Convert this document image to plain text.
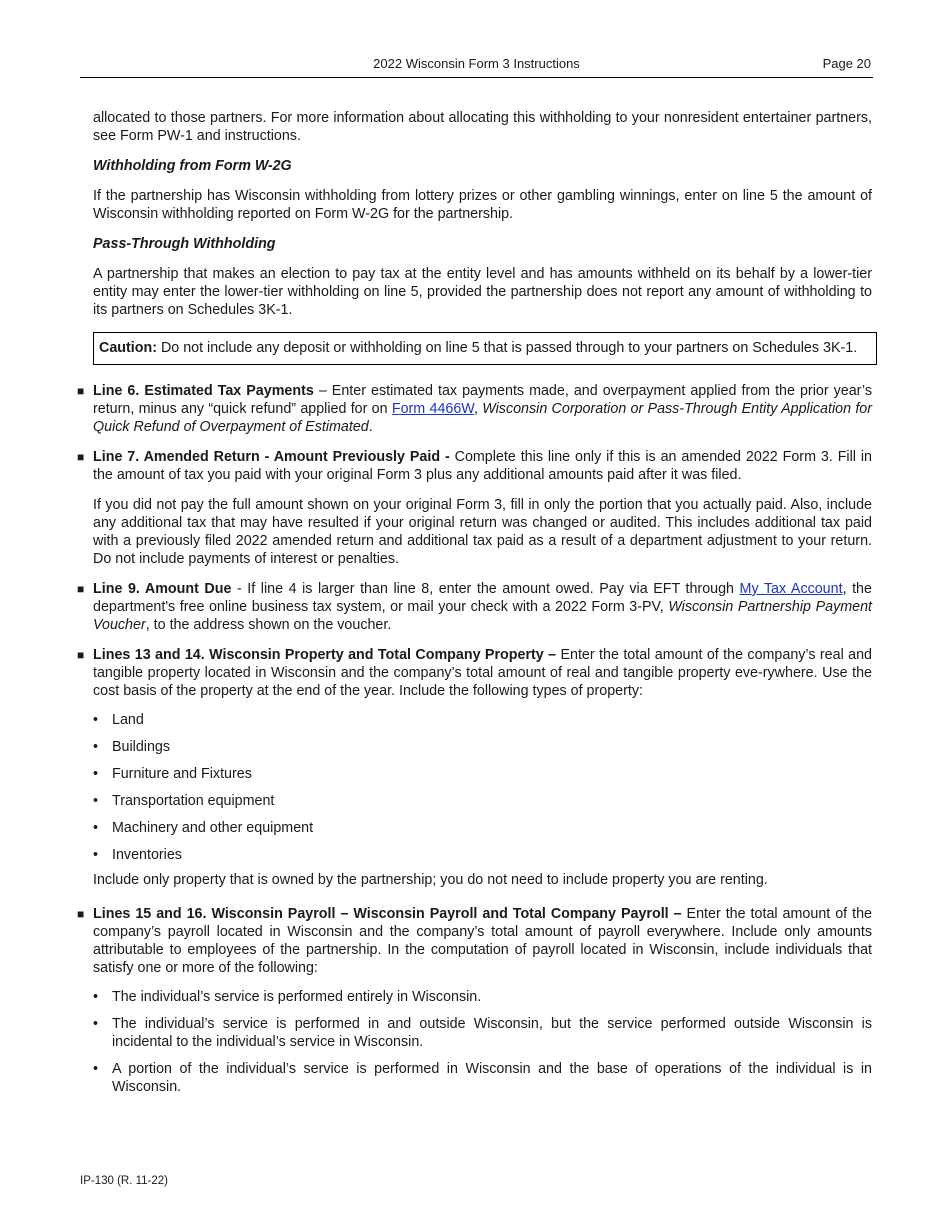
2022 Wisconsin Form 3 Instructions	Page 20

allocated to those partners. For more information about allocating this withholding to your nonresident entertainer partners, see Form PW-1 and instructions.

Withholding from Form W-2G

If the partnership has Wisconsin withholding from lottery prizes or other gambling winnings, enter on line 5 the amount of Wisconsin withholding reported on Form W-2G for the partnership.

Pass-Through Withholding

A partnership that makes an election to pay tax at the entity level and has amounts withheld on its behalf by a lower-tier entity may enter the lower-tier withholding on line 5, provided the partnership does not report any amount of withholding to its partners on Schedules 3K-1.

Caution: Do not include any deposit or withholding on line 5 that is passed through to your partners on Schedules 3K-1.

■ Line 6. Estimated Tax Payments – Enter estimated tax payments made, and overpayment applied from the prior year’s return, minus any “quick refund” applied for on Form 4466W, Wisconsin Corporation or Pass-Through Entity Application for Quick Refund of Overpayment of Estimated.

■ Line 7. Amended Return - Amount Previously Paid - Complete this line only if this is an amended 2022 Form 3. Fill in the amount of tax you paid with your original Form 3 plus any additional amounts paid after it was filed.

If you did not pay the full amount shown on your original Form 3, fill in only the portion that you actually paid. Also, include any additional tax that may have resulted if your original return was changed or audited. This includes additional tax paid with a previously filed 2022 amended return and additional tax paid as a result of a department adjustment to your return. Do not include payments of interest or penalties.

■ Line 9. Amount Due - If line 4 is larger than line 8, enter the amount owed. Pay via EFT through My Tax Account, the department's free online business tax system, or mail your check with a 2022 Form 3-PV, Wisconsin Partnership Payment Voucher, to the address shown on the voucher.

■ Lines 13 and 14. Wisconsin Property and Total Company Property – Enter the total amount of the company’s real and tangible property located in Wisconsin and the company’s total amount of real and tangible property eve-rywhere. Use the cost basis of the property at the end of the year. Include the following types of property:

• Land
• Buildings
• Furniture and Fixtures
• Transportation equipment
• Machinery and other equipment
• Inventories

Include only property that is owned by the partnership; you do not need to include property you are renting.

■ Lines 15 and 16. Wisconsin Payroll – Wisconsin Payroll and Total Company Payroll – Enter the total amount of the company’s payroll located in Wisconsin and the company’s total amount of payroll everywhere. Include only amounts attributable to employees of the partnership. In the computation of payroll located in Wisconsin, include individuals that satisfy one or more of the following:

• The individual’s service is performed entirely in Wisconsin.
• The individual’s service is performed in and outside Wisconsin, but the service performed outside Wisconsin is incidental to the individual’s service in Wisconsin.
• A portion of the individual’s service is performed in Wisconsin and the base of operations of the individual is in Wisconsin.
IP-130 (R. 11-22)
